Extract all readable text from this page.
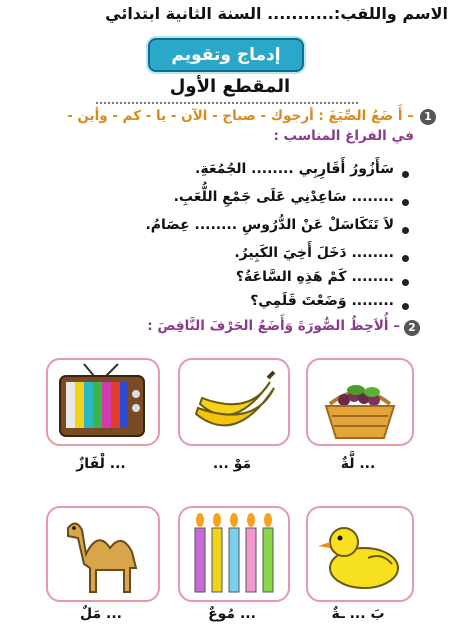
الاسم واللقب:........... السنة الثانية ابتدائي
إدماج وتقويم
المقطع الأول
1
– أَ ضَعُ الصِّيَغَ : أرجوك - صباح - الآن - يا - كم - وأين -
في الفراغ المناسب :
سَأَزُورُ أَقَارِبِي ........ الجُمُعَةِ.
........ سَاعِدْنِي عَلَى جَمْعِ اللُّعَبِ.
لاَ تَتَكَاسَلْ عَنْ الدُّرُوسِ ........ عِصَامُ.
........ دَخَلَ أَخِيَ الكَبِيرُ.
........ كَمْ هَذِهِ السَّاعَةُ؟
........ وَضَعْتَ قَلَمِي؟
2
– أُلاَحِظُ الصُّورَةَ وَأَضَعُ الحَرْفَ النَّاقِصَ :
... لَّةٌ
مَوْ ...
... لْفَازٌ
بَ ... ـةٌ
... مُوعٌ
... مَلٌ
